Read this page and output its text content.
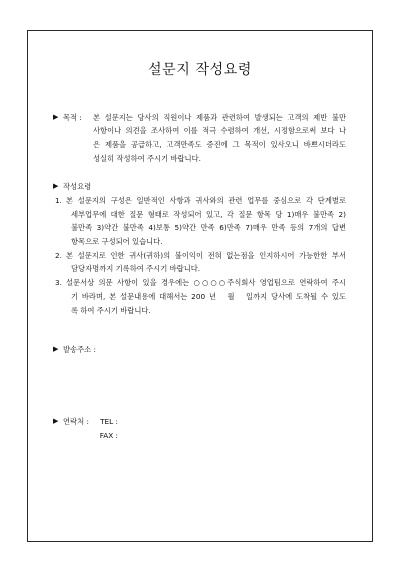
설문지 작성요령
▶ 목적 : 본 설문지는 당사의 직원이나 제품과 관련하여 발생되는 고객의 제반 불만
사항이나 의견을 조사하여 이를 적극 수렴하여 개선, 시정함으로써 보다 나
은 제품을 공급하고, 고객만족도 증진에 그 목적이 있사오니 바쁘시더라도
성실히 작성하여 주시기 바랍니다.
▶ 작성요령
1. 본 설문지의 구성은 일반적인 사항과 귀사와의 관련 업무를 중심으로 각 단계별로
세부업무에 대한 질문 형태로 작성되어 있고, 각 질문 항목 당 1)매우 불만족 2)
불만족 3)약간 불만족 4)보통 5)약간 만족 6)만족 7)매우 만족 등의 7개의 답변
항목으로 구성되어 있습니다.
2. 본 설문지로 인한 귀사(귀하)의 불이익이 전혀 없는점을 인지하시어 가능한한 부서
담당자명까지 기록하여 주시기 바랍니다.
3. 설문서상 의문 사항이 있을 경우에는 ○○○○주식회사 영업팀으로 연락하여 주시
기 바라며, 본 설문내용에 대해서는 200 년   월   일까지 당사에 도착될 수 있도
록 하여 주시기 바랍니다.
▶ 발송주소 :
▶ 연락처 :	TEL :
FAX :
